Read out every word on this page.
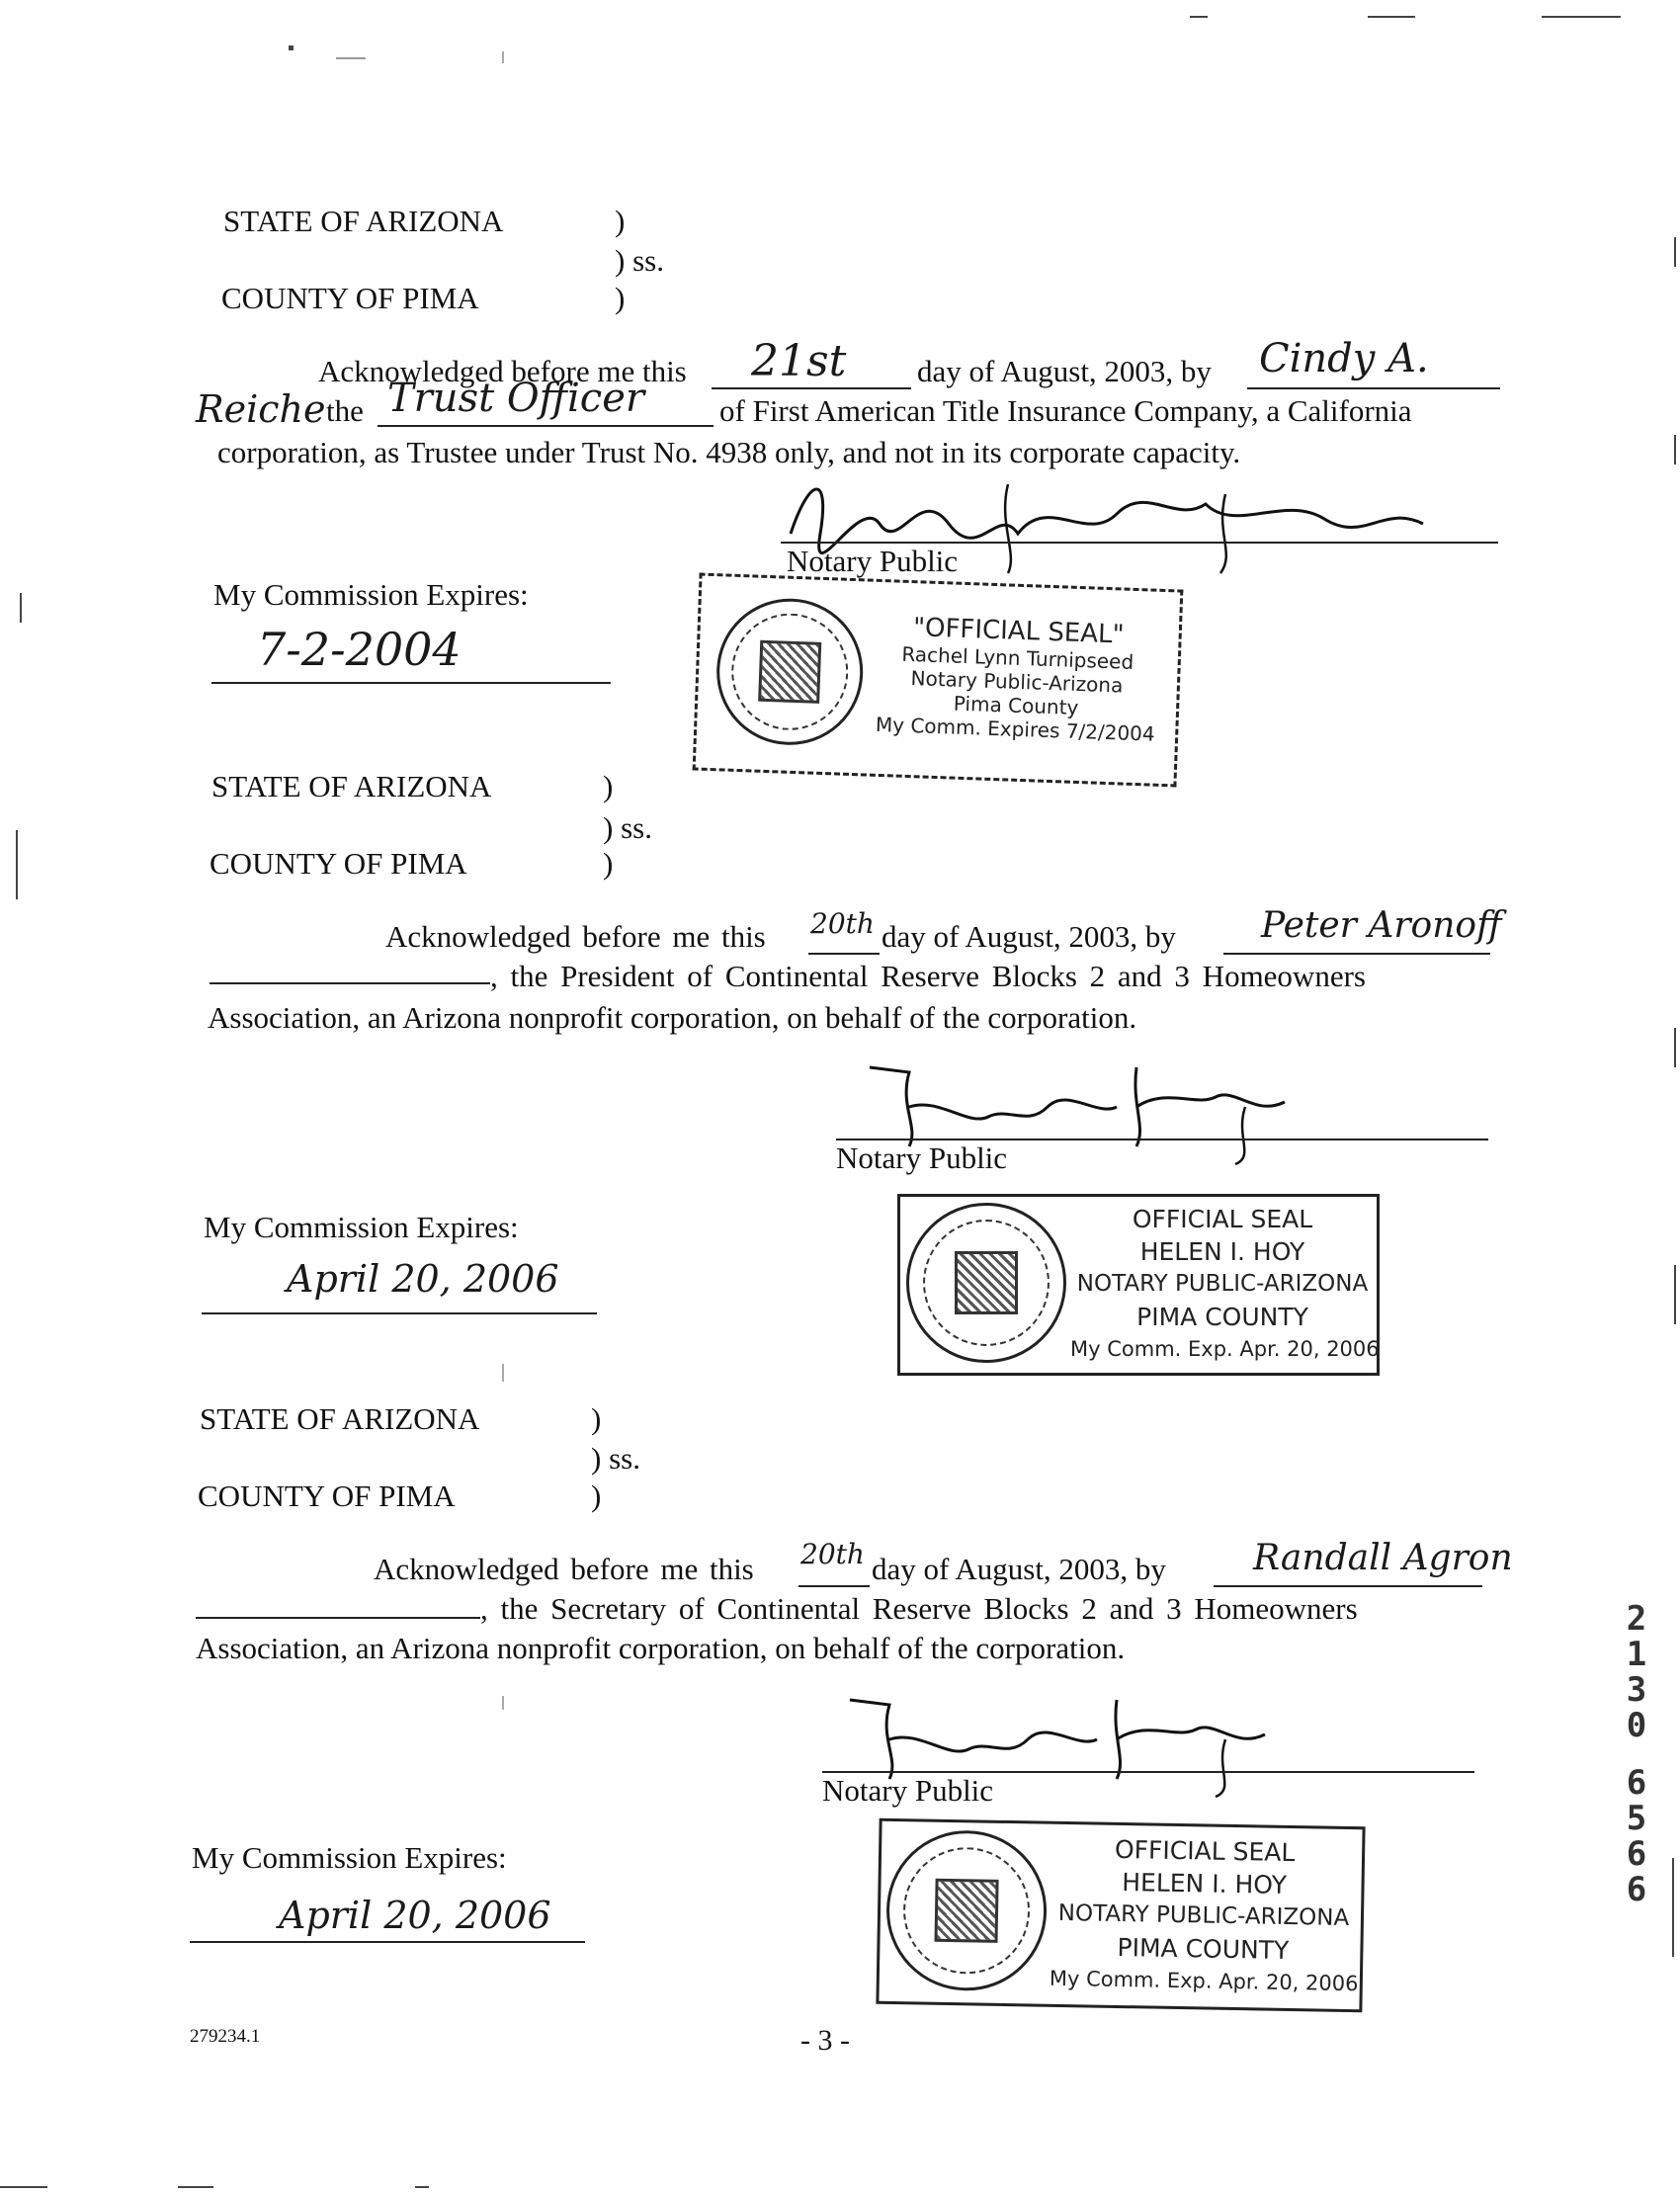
STATE OF ARIZONA	)
) ss.
COUNTY OF PIMA	)
Acknowledged before me this 21st day of August, 2003, by Cindy A.
Reiche the Trust Officer of First American Title Insurance Company, a California
corporation, as Trustee under Trust No. 4938 only, and not in its corporate capacity.
Notary Public
My Commission Expires:
7-2-2004	"OFFICIAL SEAL"
Rachel Lynn Turnipseed
Notary Public-Arizona
Pima County
My Comm. Expires 7/2/2004
STATE OF ARIZONA	)
) ss.
COUNTY OF PIMA	)
Acknowledged before me this 20th day of August, 2003, by Peter Aronoff
, the President of Continental Reserve Blocks 2 and 3 Homeowners
Association, an Arizona nonprofit corporation, on behalf of the corporation.
Notary Public
My Commission Expires:
April 20, 2006
OFFICIAL SEAL
HELEN I. HOY
NOTARY PUBLIC-ARIZONA
PIMA COUNTY
My Comm. Exp. Apr. 20, 2006
STATE OF ARIZONA	)
) ss.
COUNTY OF PIMA	)
Acknowledged before me this 20th day of August, 2003, by Randall Agron
, the Secretary of Continental Reserve Blocks 2 and 3 Homeowners
Association, an Arizona nonprofit corporation, on behalf of the corporation.
Notary Public
My Commission Expires:
April 20, 2006
OFFICIAL SEAL
HELEN I. HOY
NOTARY PUBLIC-ARIZONA
PIMA COUNTY
My Comm. Exp. Apr. 20, 2006
279234.1	- 3 -
2
1
3
0
6
5
6
6
